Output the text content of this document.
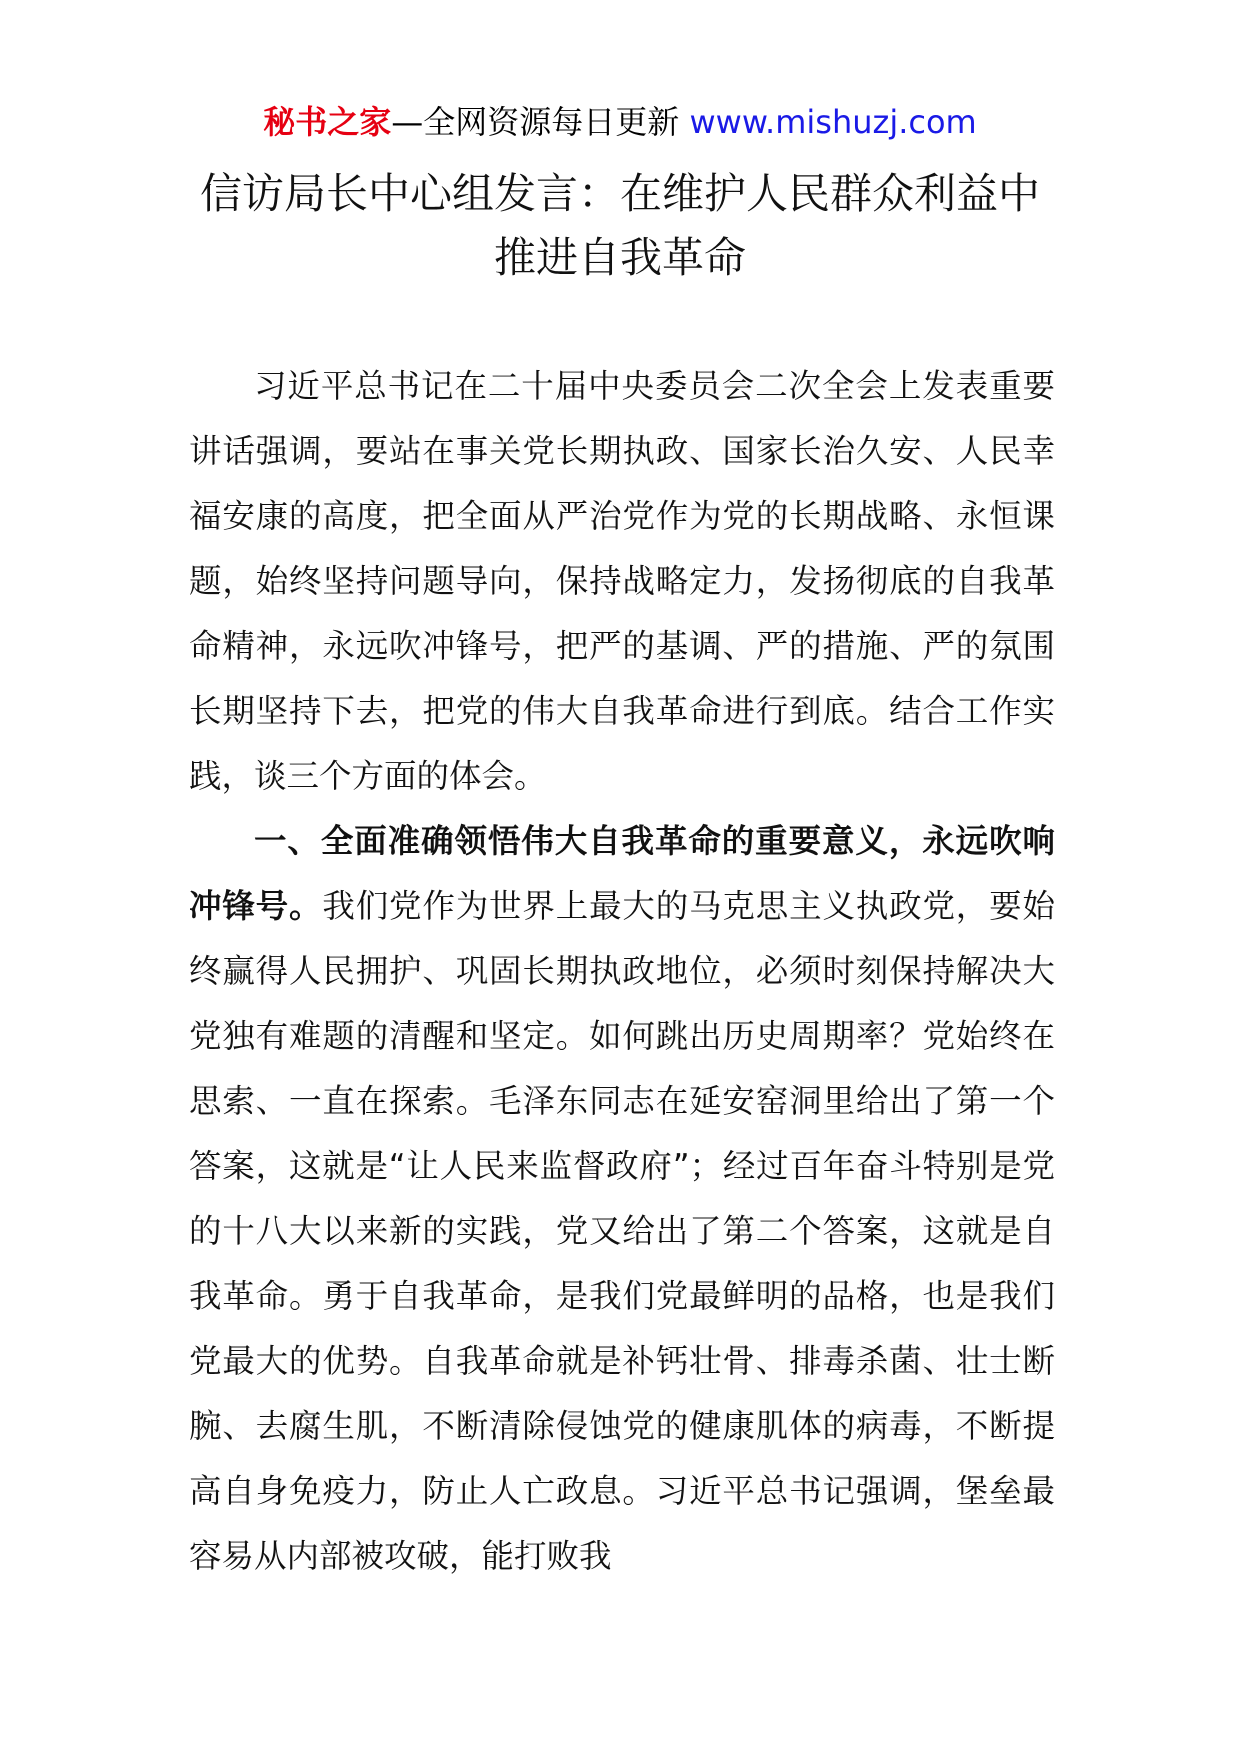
秘书之家—全网资源每日更新 www.mishuzj.com
信访局长中心组发言：在维护人民群众利益中
推进自我革命

习近平总书记在二十届中央委员会二次全会上发表重要讲话强调，要站在事关党长期执政、国家长治久安、人民幸福安康的高度，把全面从严治党作为党的长期战略、永恒课题，始终坚持问题导向，保持战略定力，发扬彻底的自我革命精神，永远吹冲锋号，把严的基调、严的措施、严的氛围长期坚持下去，把党的伟大自我革命进行到底。结合工作实践，谈三个方面的体会。

一、全面准确领悟伟大自我革命的重要意义，永远吹响冲锋号。我们党作为世界上最大的马克思主义执政党，要始终赢得人民拥护、巩固长期执政地位，必须时刻保持解决大党独有难题的清醒和坚定。如何跳出历史周期率？党始终在思索、一直在探索。毛泽东同志在延安窑洞里给出了第一个答案，这就是“让人民来监督政府”；经过百年奋斗特别是党的十八大以来新的实践，党又给出了第二个答案，这就是自我革命。勇于自我革命，是我们党最鲜明的品格，也是我们党最大的优势。自我革命就是补钙壮骨、排毒杀菌、壮士断腕、去腐生肌，不断清除侵蚀党的健康肌体的病毒，不断提高自身免疫力，防止人亡政息。习近平总书记强调，堡垒最容易从内部被攻破，能打败我
